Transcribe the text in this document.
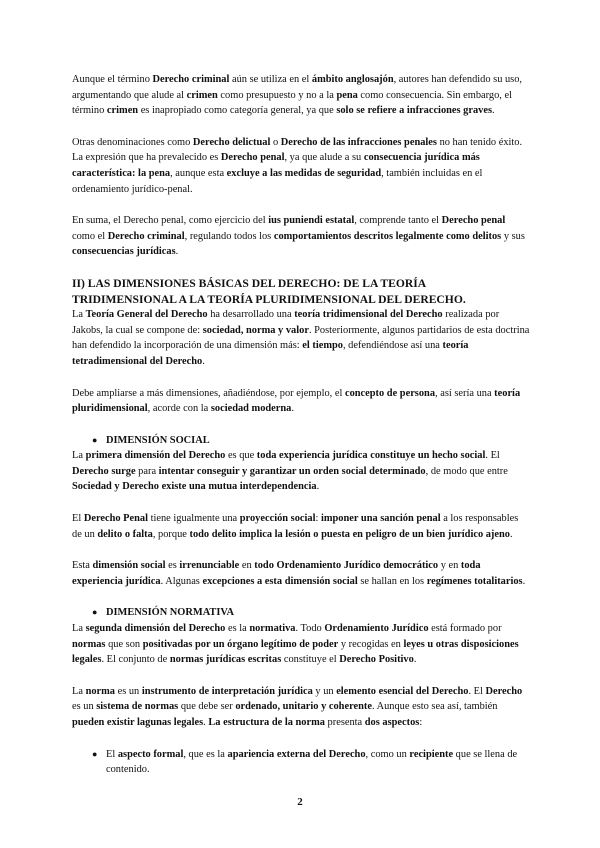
Aunque el término Derecho criminal aún se utiliza en el ámbito anglosajón, autores han defendido su uso, argumentando que alude al crimen como presupuesto y no a la pena como consecuencia. Sin embargo, el término crimen es inapropiado como categoría general, ya que solo se refiere a infracciones graves.

Otras denominaciones como Derecho delictual o Derecho de las infracciones penales no han tenido éxito. La expresión que ha prevalecido es Derecho penal, ya que alude a su consecuencia jurídica más característica: la pena, aunque esta excluye a las medidas de seguridad, también incluidas en el ordenamiento jurídico-penal.

En suma, el Derecho penal, como ejercicio del ius puniendi estatal, comprende tanto el Derecho penal como el Derecho criminal, regulando todos los comportamientos descritos legalmente como delitos y sus consecuencias jurídicas.

II) LAS DIMENSIONES BÁSICAS DEL DERECHO: DE LA TEORÍA TRIDIMENSIONAL A LA TEORÍA PLURIDIMENSIONAL DEL DERECHO.

La Teoría General del Derecho ha desarrollado una teoría tridimensional del Derecho realizada por Jakobs, la cual se compone de: sociedad, norma y valor. Posteriormente, algunos partidarios de esta doctrina han defendido la incorporación de una dimensión más: el tiempo, defendiéndose así una teoría tetradimensional del Derecho.

Debe ampliarse a más dimensiones, añadiéndose, por ejemplo, el concepto de persona, así sería una teoría pluridimensional, acorde con la sociedad moderna.

● DIMENSIÓN SOCIAL

La primera dimensión del Derecho es que toda experiencia jurídica constituye un hecho social. El Derecho surge para intentar conseguir y garantizar un orden social determinado, de modo que entre Sociedad y Derecho existe una mutua interdependencia.

El Derecho Penal tiene igualmente una proyección social: imponer una sanción penal a los responsables de un delito o falta, porque todo delito implica la lesión o puesta en peligro de un bien jurídico ajeno.

Esta dimensión social es irrenunciable en todo Ordenamiento Jurídico democrático y en toda experiencia jurídica. Algunas excepciones a esta dimensión social se hallan en los regímenes totalitarios.

● DIMENSIÓN NORMATIVA

La segunda dimensión del Derecho es la normativa. Todo Ordenamiento Jurídico está formado por normas que son positivadas por un órgano legítimo de poder y recogidas en leyes u otras disposiciones legales. El conjunto de normas jurídicas escritas constituye el Derecho Positivo.

La norma es un instrumento de interpretación jurídica y un elemento esencial del Derecho. El Derecho es un sistema de normas que debe ser ordenado, unitario y coherente. Aunque esto sea así, también pueden existir lagunas legales. La estructura de la norma presenta dos aspectos:

● El aspecto formal, que es la apariencia externa del Derecho, como un recipiente que se llena de contenido.

2
